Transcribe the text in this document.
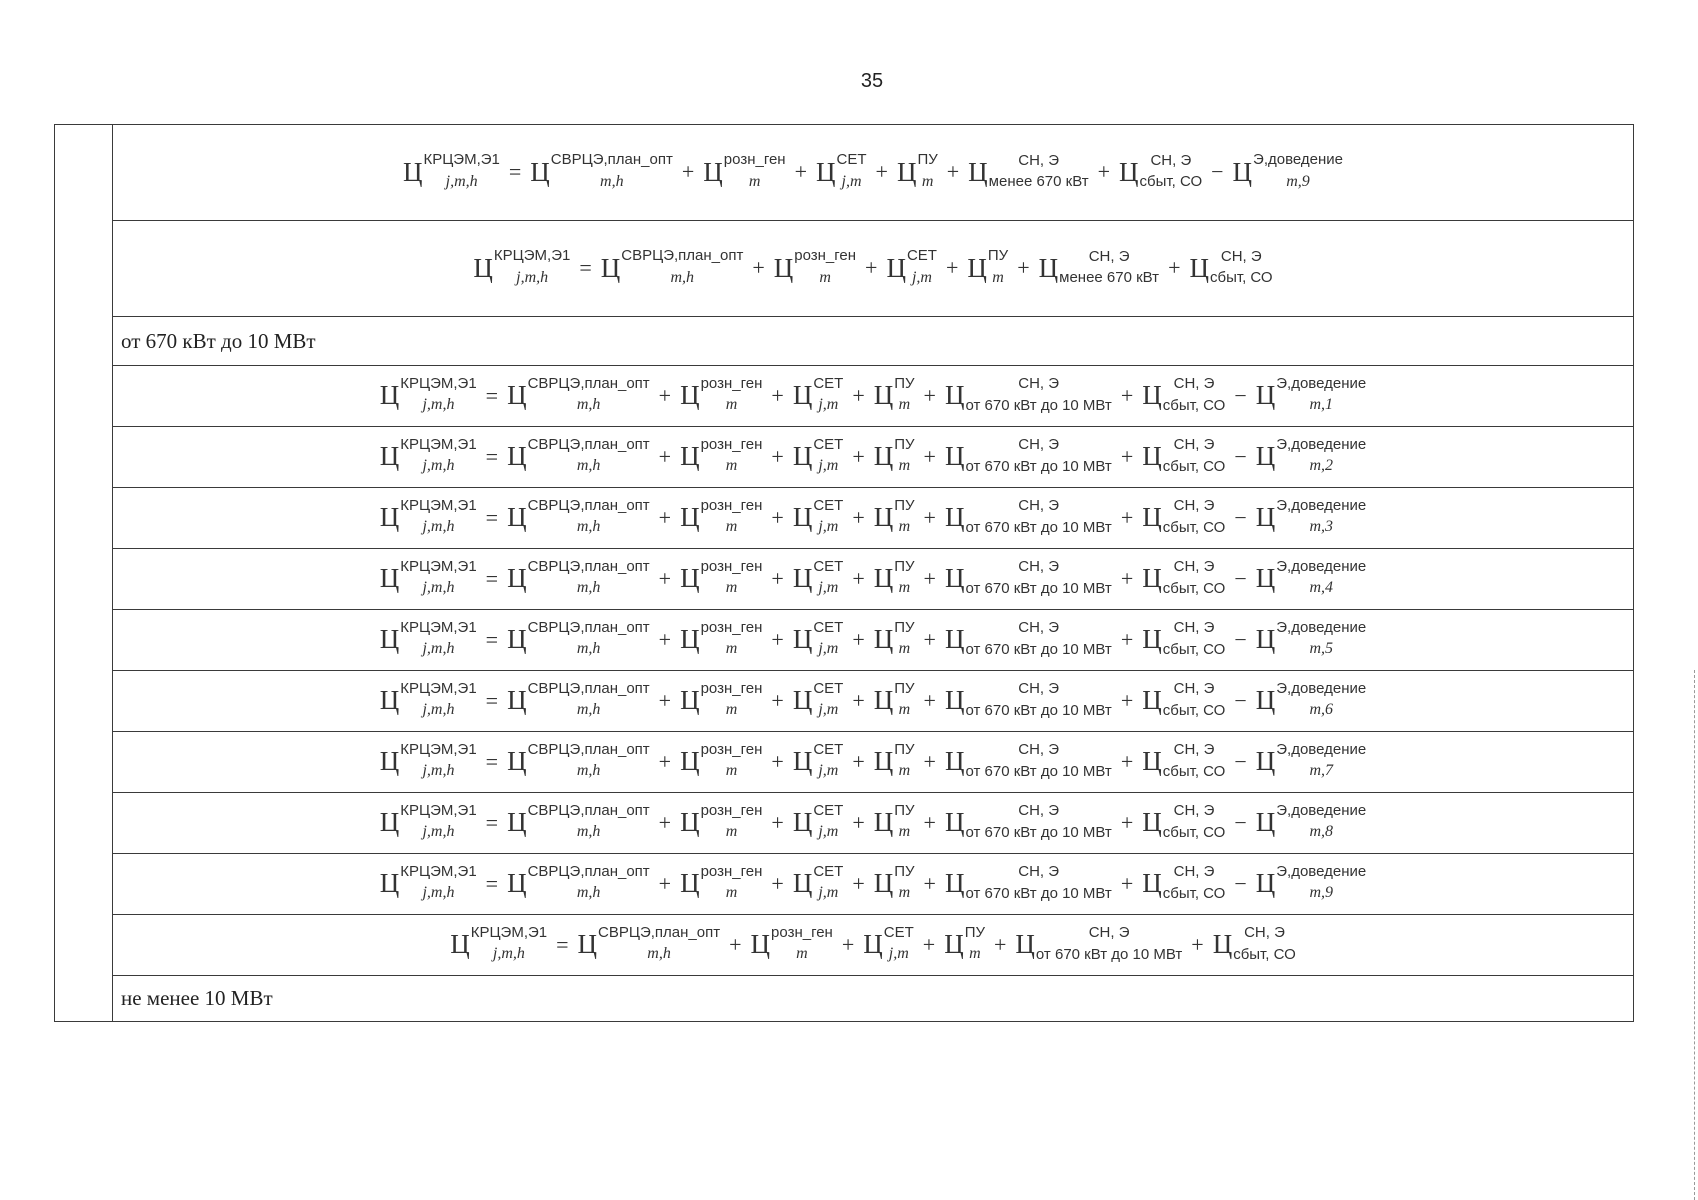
35

Ц КРЦЭМ,Э1
j,m,h	= Ц СВРЦЭ,план_опт
m,h	+ Ц розн_ген
m	+ Ц СЕТ
j,m + Ц ПУ
m + Ц	СН, Э
менее 670 кВт + Ц СН, Э
сбыт, СО − Ц Э,доведение
m,9

Ц КРЦЭМ,Э1
j,m,h	= Ц СВРЦЭ,план_опт
m,h	+ Ц розн_ген
m	+ Ц СЕТ
j,m + Ц ПУ
m + Ц	СН, Э
менее 670 кВт + Ц СН, Э
сбыт, СО

от 670 кВт до 10 МВт

Ц КРЦЭМ,Э1
j,m,h	= Ц СВРЦЭ,план_опт
m,h	+ Ц розн_ген
m	+ Ц СЕТ
j,m + Ц ПУ
m + Ц	СН, Э
от 670 кВт до 10 МВт + Ц СН, Э
сбыт, СО − Ц Э,доведение
m,1

Ц КРЦЭМ,Э1
j,m,h	= Ц СВРЦЭ,план_опт
m,h	+ Ц розн_ген
m	+ Ц СЕТ
j,m + Ц ПУ
m + Ц	СН, Э
от 670 кВт до 10 МВт + Ц СН, Э
сбыт, СО − Ц Э,доведение
m,2

Ц КРЦЭМ,Э1
j,m,h	= Ц СВРЦЭ,план_опт
m,h	+ Ц розн_ген
m	+ Ц СЕТ
j,m + Ц ПУ
m + Ц	СН, Э
от 670 кВт до 10 МВт + Ц СН, Э
сбыт, СО − Ц Э,доведение
m,3

Ц КРЦЭМ,Э1
j,m,h	= Ц СВРЦЭ,план_опт
m,h	+ Ц розн_ген
m	+ Ц СЕТ
j,m + Ц ПУ
m + Ц	СН, Э
от 670 кВт до 10 МВт + Ц СН, Э
сбыт, СО − Ц Э,доведение
m,4

Ц КРЦЭМ,Э1
j,m,h	= Ц СВРЦЭ,план_опт
m,h	+ Ц розн_ген
m	+ Ц СЕТ
j,m + Ц ПУ
m + Ц	СН, Э
от 670 кВт до 10 МВт + Ц СН, Э
сбыт, СО − Ц Э,доведение
m,5

Ц КРЦЭМ,Э1
j,m,h	= Ц СВРЦЭ,план_опт
m,h	+ Ц розн_ген
m	+ Ц СЕТ
j,m + Ц ПУ
m + Ц	СН, Э
от 670 кВт до 10 МВт + Ц СН, Э
сбыт, СО − Ц Э,доведение
m,6

Ц КРЦЭМ,Э1
j,m,h	= Ц СВРЦЭ,план_опт
m,h	+ Ц розн_ген
m	+ Ц СЕТ
j,m + Ц ПУ
m + Ц	СН, Э
от 670 кВт до 10 МВт + Ц СН, Э
сбыт, СО − Ц Э,доведение
m,7

Ц КРЦЭМ,Э1
j,m,h	= Ц СВРЦЭ,план_опт
m,h	+ Ц розн_ген
m	+ Ц СЕТ
j,m + Ц ПУ
m + Ц	СН, Э
от 670 кВт до 10 МВт + Ц СН, Э
сбыт, СО − Ц Э,доведение
m,8

Ц КРЦЭМ,Э1
j,m,h	= Ц СВРЦЭ,план_опт
m,h	+ Ц розн_ген
m	+ Ц СЕТ
j,m + Ц ПУ
m + Ц	СН, Э
от 670 кВт до 10 МВт + Ц СН, Э
сбыт, СО − Ц Э,доведение
m,9

Ц КРЦЭМ,Э1
j,m,h	= Ц СВРЦЭ,план_опт
m,h	+ Ц розн_ген
m	+ Ц СЕТ
j,m + Ц ПУ
m + Ц	СН, Э
от 670 кВт до 10 МВт + Ц СН, Э
сбыт, СО

не менее 10 МВт
